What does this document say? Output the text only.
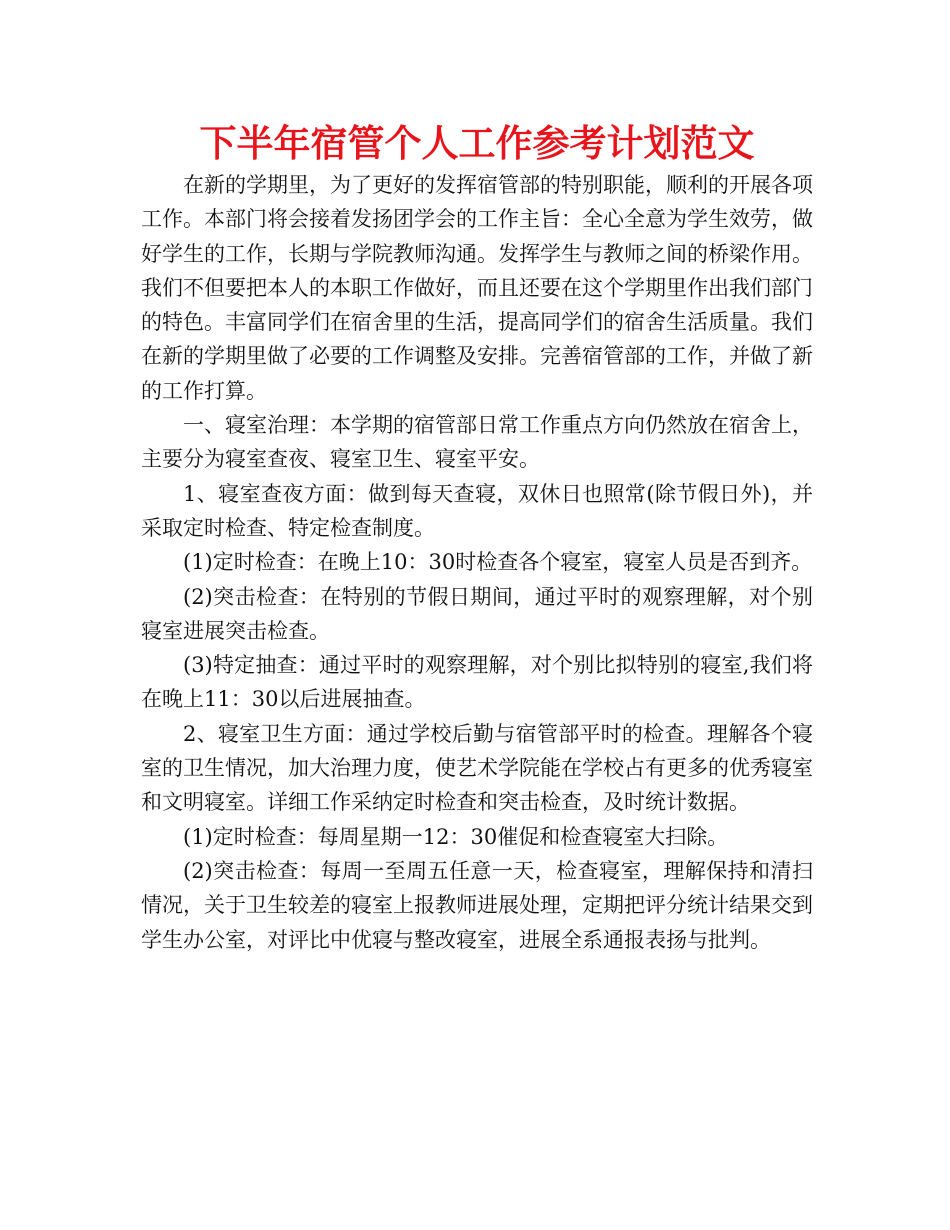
下半年宿管个人工作参考计划范文

在新的学期里，为了更好的发挥宿管部的特别职能，顺利的开展各项工作。本部门将会接着发扬团学会的工作主旨：全心全意为学生效劳，做好学生的工作，长期与学院教师沟通。发挥学生与教师之间的桥梁作用。我们不但要把本人的本职工作做好，而且还要在这个学期里作出我们部门的特色。丰富同学们在宿舍里的生活，提高同学们的宿舍生活质量。我们在新的学期里做了必要的工作调整及安排。完善宿管部的工作，并做了新的工作打算。

一、寝室治理：本学期的宿管部日常工作重点方向仍然放在宿舍上，主要分为寝室查夜、寝室卫生、寝室平安。

1、寝室查夜方面：做到每天查寝，双休日也照常(除节假日外)，并采取定时检查、特定检查制度。

(1)定时检查：在晚上10：30时检查各个寝室，寝室人员是否到齐。

(2)突击检查：在特别的节假日期间，通过平时的观察理解，对个别寝室进展突击检查。

(3)特定抽查：通过平时的观察理解，对个别比拟特别的寝室,我们将在晚上11：30以后进展抽查。

2、寝室卫生方面：通过学校后勤与宿管部平时的检查。理解各个寝室的卫生情况，加大治理力度，使艺术学院能在学校占有更多的优秀寝室和文明寝室。详细工作采纳定时检查和突击检查，及时统计数据。

(1)定时检查：每周星期一12：30催促和检查寝室大扫除。

(2)突击检查：每周一至周五任意一天，检查寝室，理解保持和清扫情况，关于卫生较差的寝室上报教师进展处理，定期把评分统计结果交到学生办公室，对评比中优寝与整改寝室，进展全系通报表扬与批判。
